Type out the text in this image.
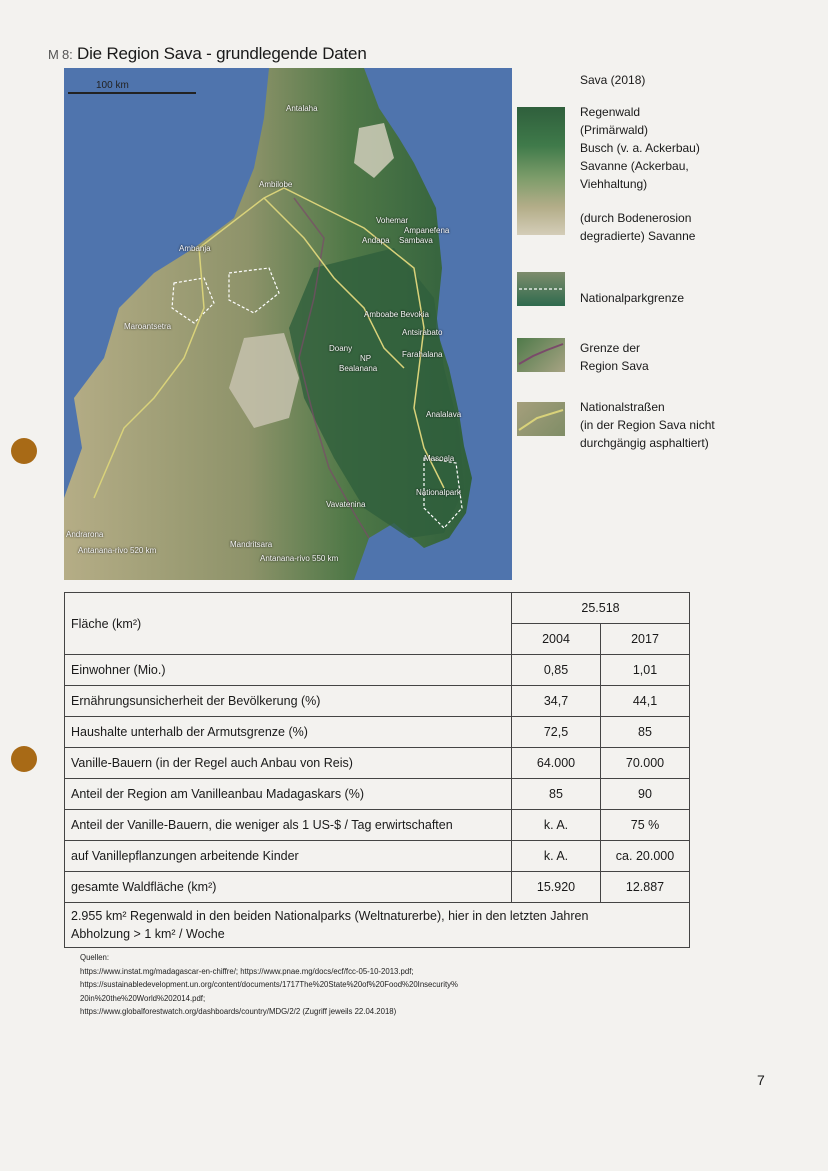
M 8: Die Region Sava - grundlegende Daten
Antalaha
Ambilobe
Vohemar
Ampanefena
Andapa
Ambanja
Sambava
Amboabe Bevokia
Doany
NP
Maroantsetra
Antsirabato
Masoala
Nationalpark
Analalava
Farahalana
Antanana-rivo 520 km
Antanana-rivo 550 km
Mandritsara
Vavatenina
Andrarona
Bealanana
100 km	Sava (2018)
Regenwald
(Primärwald)
Busch (v. a. Ackerbau)
Savanne (Ackerbau,
Viehhaltung)
(durch Bodenerosion
degradierte) Savanne
Nationalparkgrenze
Grenze der
Region Sava
Nationalstraßen
(in der Region Sava nicht
durchgängig asphaltiert)
Fläche (km²)	25.518	
	2004	2017
Einwohner (Mio.)	0,85	1,01
Ernährungsunsicherheit der Bevölkerung (%)	34,7	44,1
Haushalte unterhalb der Armutsgrenze (%)	72,5	85
Vanille-Bauern (in der Regel auch Anbau von Reis)	64.000	70.000
Anteil der Region am Vanilleanbau Madagaskars (%)	85	90
Anteil der Vanille-Bauern, die weniger als 1 US-$ / Tag erwirtschaften	k. A.	75 %
auf Vanillepflanzungen arbeitende Kinder	k. A.	ca. 20.000
gesamte Waldfläche (km²)	15.920	12.887

2.955 km² Regenwald in den beiden Nationalparks (Weltnaturerbe), hier in den letzten Jahren
Abholzung > 1 km² / Woche		
Quellen:
https://www.instat.mg/madagascar-en-chiffre/; https://www.pnae.mg/docs/ecf/fcc-05-10-2013.pdf;
https://sustainabledevelopment.un.org/content/documents/1717The%20State%20of%20Food%20Insecurity%
20in%20the%20World%202014.pdf;
https://www.globalforestwatch.org/dashboards/country/MDG/2/2 (Zugriff jeweils 22.04.2018)
7
